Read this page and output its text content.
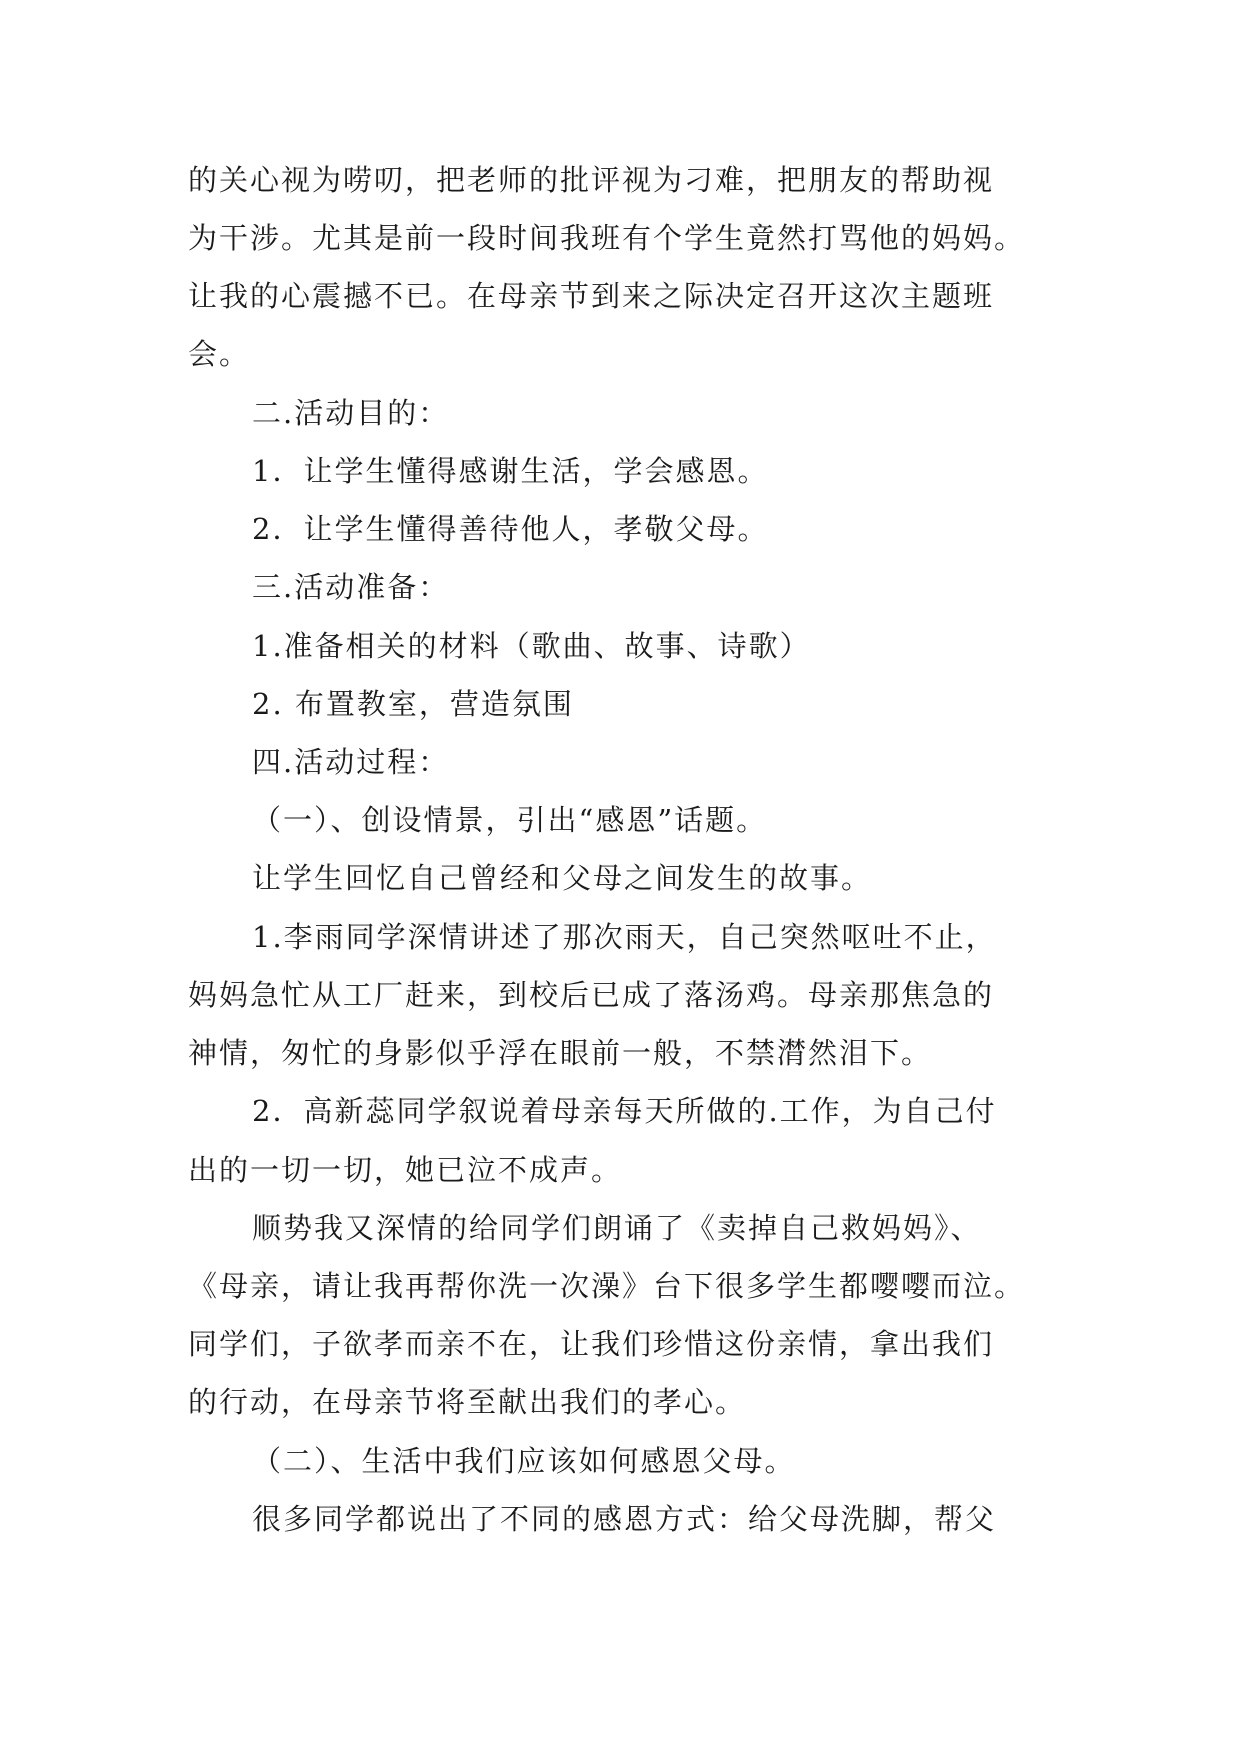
的关心视为唠叨，把老师的批评视为刁难，把朋友的帮助视
为干涉。尤其是前一段时间我班有个学生竟然打骂他的妈妈。
让我的心震撼不已。在母亲节到来之际决定召开这次主题班
会。
二.活动目的：
1．让学生懂得感谢生活，学会感恩。
2．让学生懂得善待他人，孝敬父母。
三.活动准备：
1.准备相关的材料（歌曲、故事、诗歌）
2. 布置教室，营造氛围
四.活动过程：
（一）、创设情景，引出“感恩”话题。
让学生回忆自己曾经和父母之间发生的故事。
1.李雨同学深情讲述了那次雨天，自己突然呕吐不止，
妈妈急忙从工厂赶来，到校后已成了落汤鸡。母亲那焦急的
神情，匆忙的身影似乎浮在眼前一般，不禁潸然泪下。
2．高新蕊同学叙说着母亲每天所做的.工作，为自己付
出的一切一切，她已泣不成声。
顺势我又深情的给同学们朗诵了《卖掉自己救妈妈》、
《母亲，请让我再帮你洗一次澡》台下很多学生都嘤嘤而泣。
同学们，子欲孝而亲不在，让我们珍惜这份亲情，拿出我们
的行动，在母亲节将至献出我们的孝心。
（二）、生活中我们应该如何感恩父母。
很多同学都说出了不同的感恩方式：给父母洗脚，帮父
